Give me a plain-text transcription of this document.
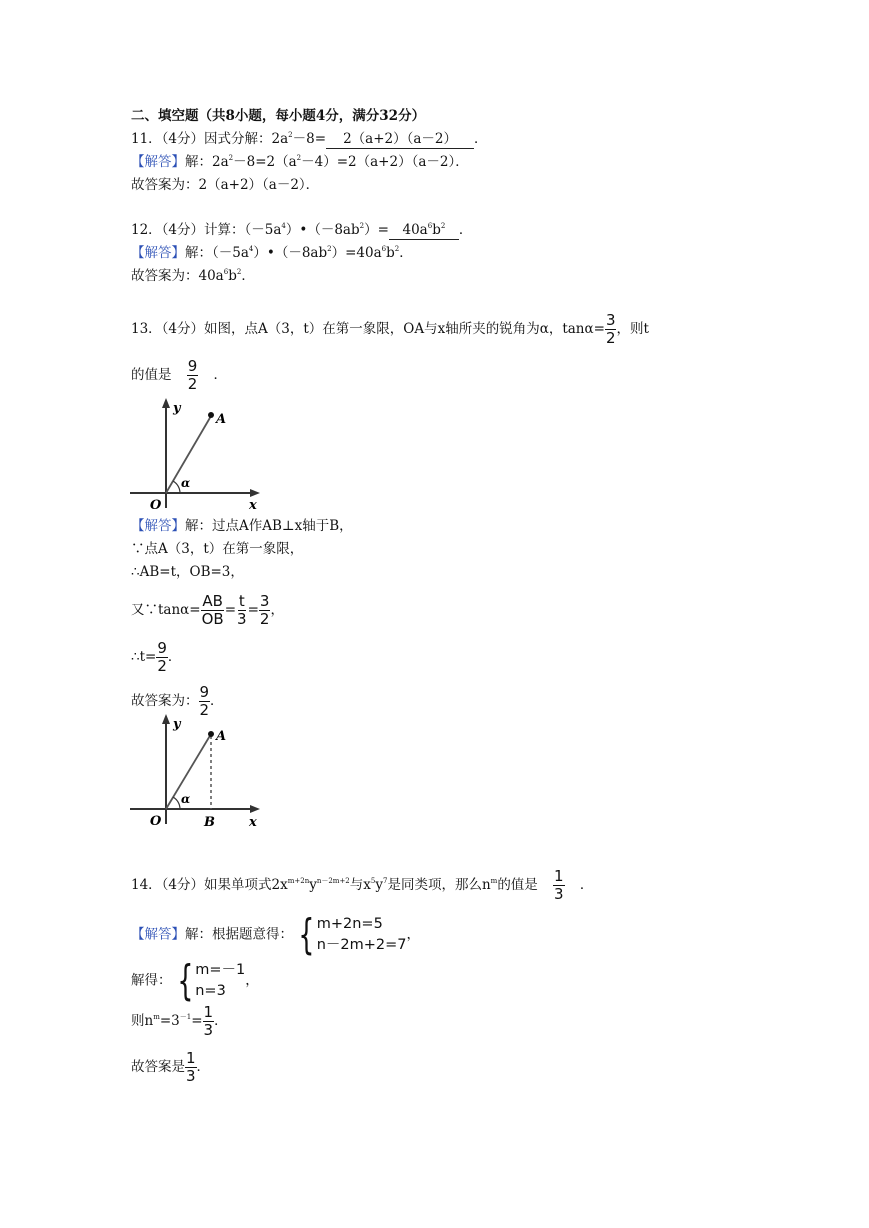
二、填空题（共8小题，每小题4分，满分32分）
11．（4分）因式分解：$2a^2-8= 2(a+2)(a-2)$ ．
【解答】解：$2a^2-8=2(a^2-4)=2(a+2)(a-2)$．
故答案为：2（a+2）（a－2）．
12．（4分）计算：$(-5a^4)•(-8ab^2)= 40a^6b^2$ ．
【解答】解：$(-5a^4)•(-8ab^2)=40a^6b^2$．
故答案为：$40a^6b^2$．
13．（4分）如图，点A（3，t）在第一象限，OA与x轴所夹的锐角为α，$\tan\alpha= \frac{3}{2}$ ，则t
的值是 $\frac{9}{2}$ ．
y
A
α
O	x
【解答】解：过点A作AB⊥x轴于B，
∵点A（3，t）在第一象限，
∴AB=t，OB=3，
又∵tanα= $\frac{AB}{OB} = \frac{t}{3} = \frac{3}{2}$ ，
∴t= $\frac{9}{2}$ ．
故答案为： $\frac{9}{2}$ ．
y
A
α
O	B	x
14．（4分）如果单项式$2x^{m+2n}y^{n-2m+2}$与$x^5y^7$是同类项，那么$n^m$的值是 $\frac{1}{3}$ ．
【解答】解：根据题意得： { m+2n=5
n－2m+2=7
，
解得： { m=－1
n=3
，
则$n^m=3^{-1}= \frac{1}{3}$ ．
故答案是 $\frac{1}{3}$ ．
